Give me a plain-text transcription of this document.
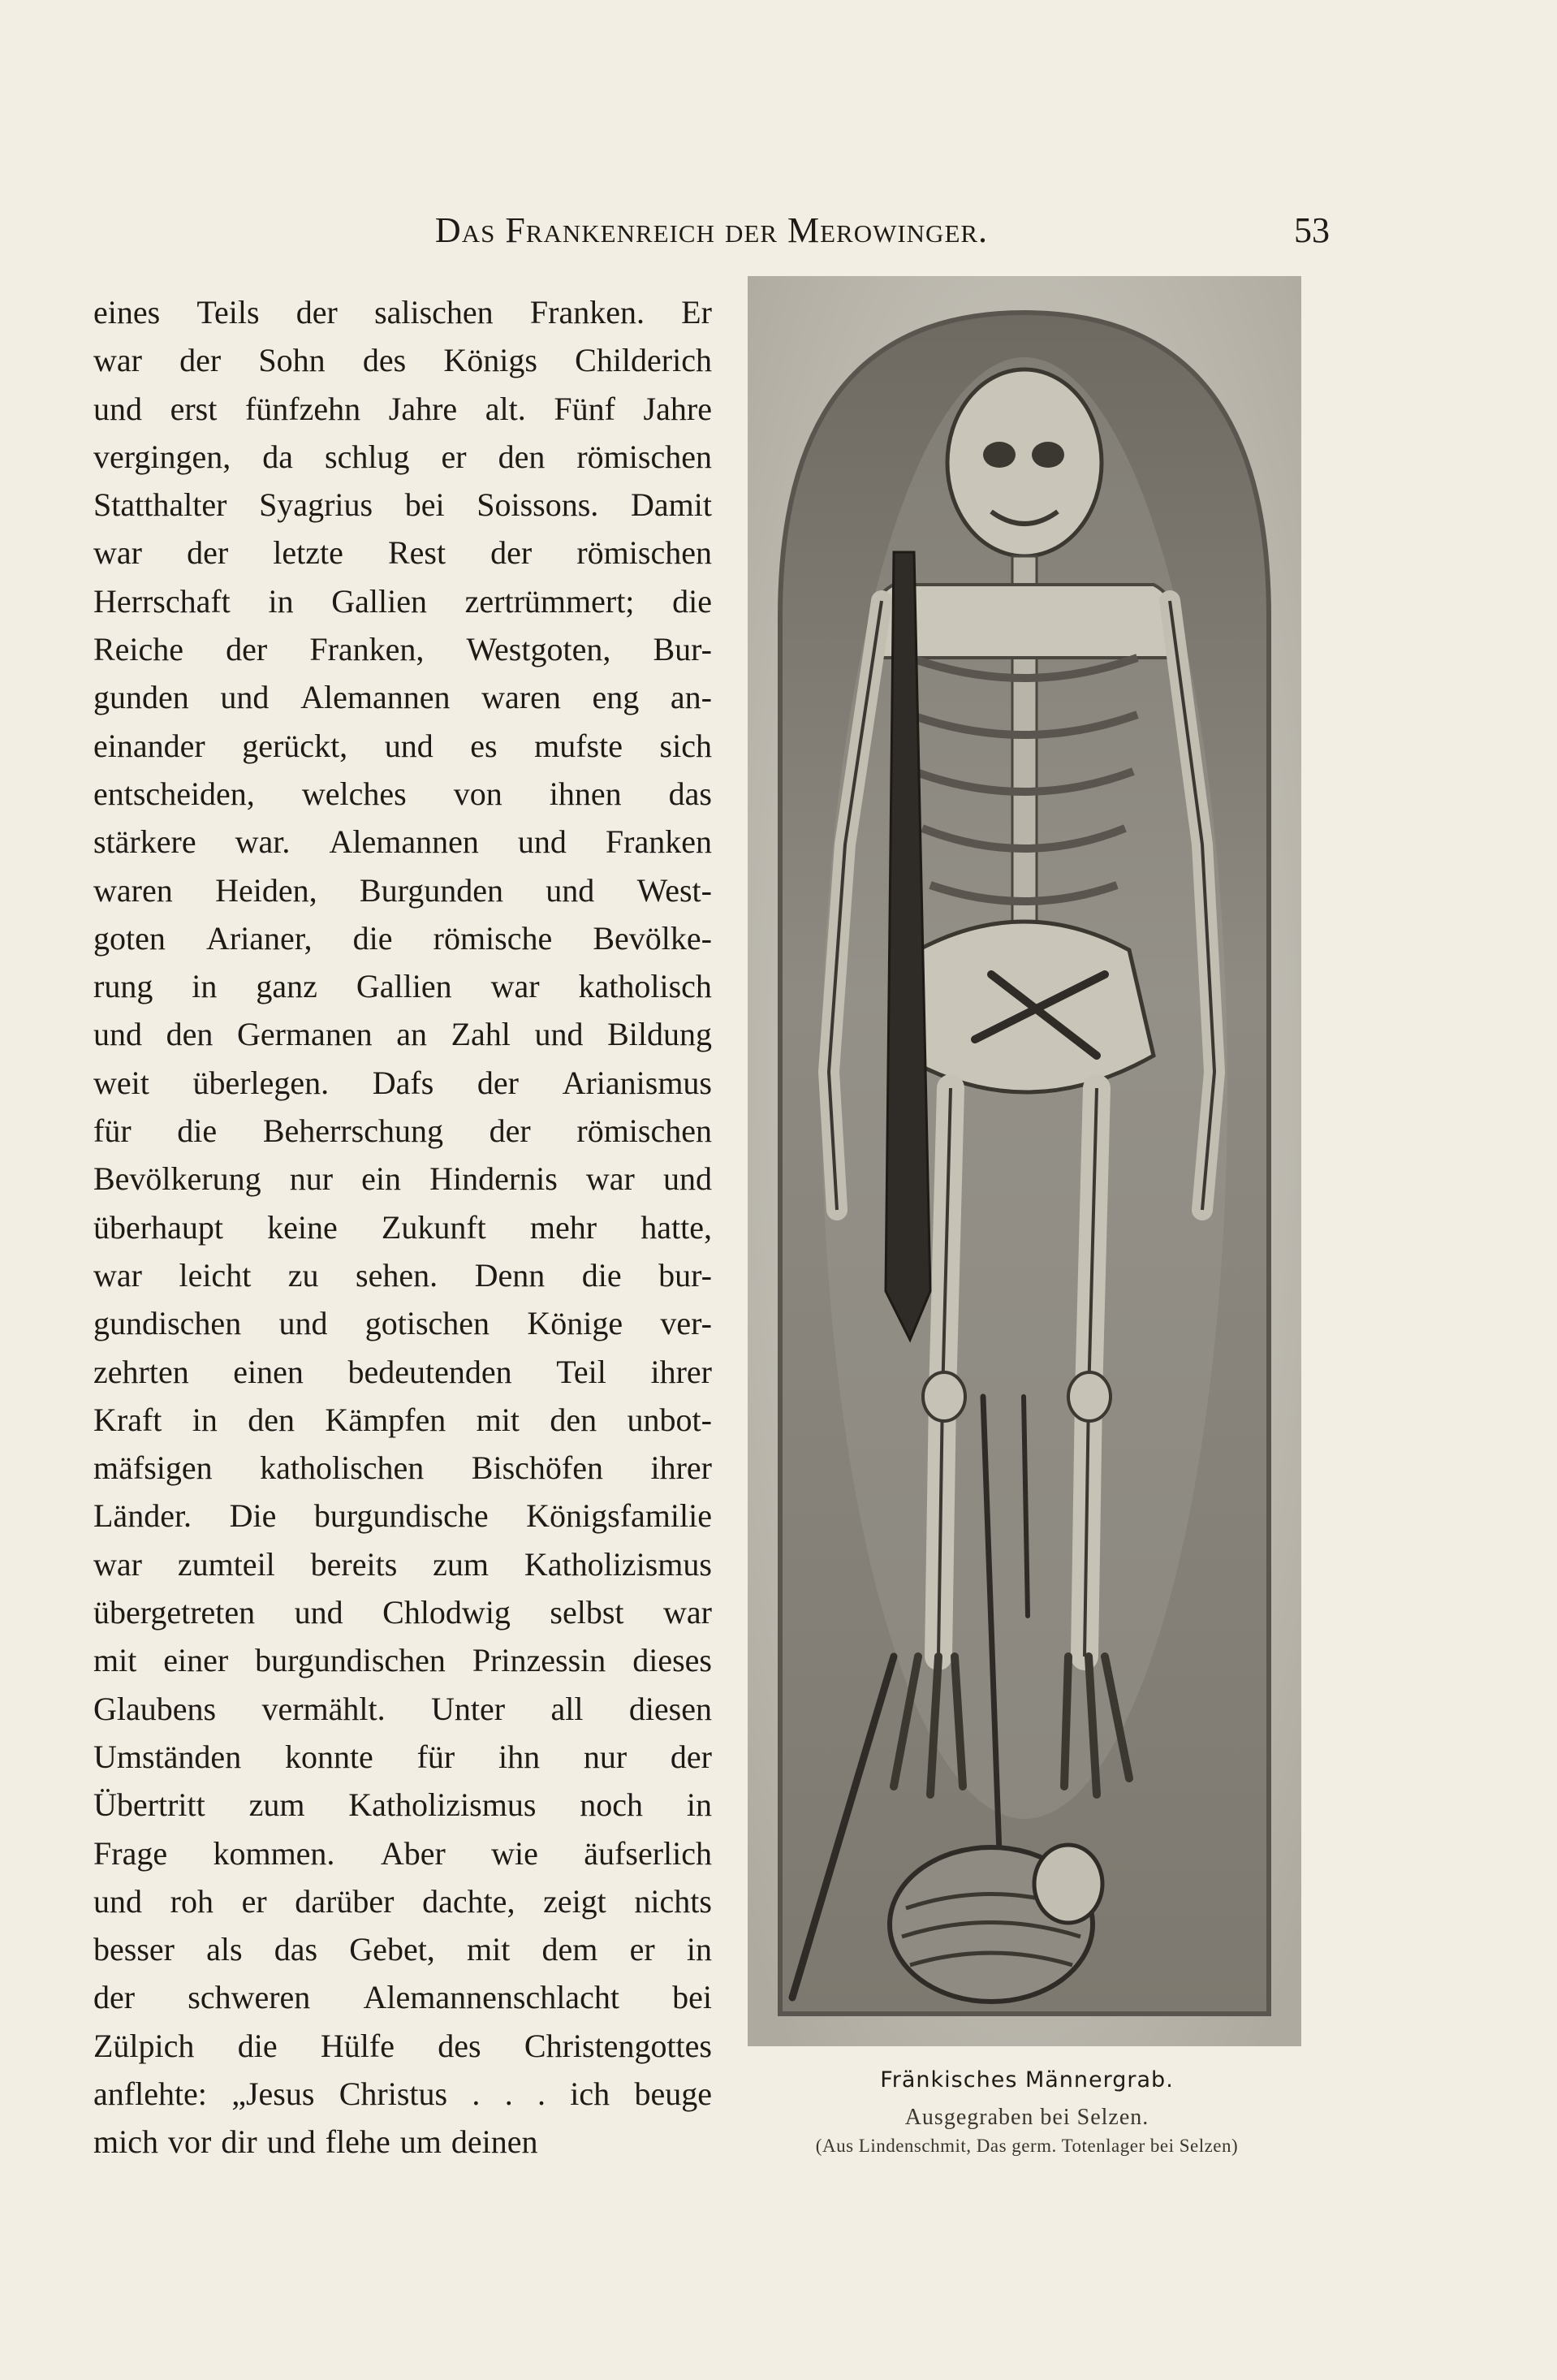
Das Frankenreich der Merowinger.	53
eines Teils der salischen Franken. Er
war der Sohn des Königs Childerich
und erst fünfzehn Jahre alt. Fünf Jahre
vergingen, da schlug er den römischen
Statthalter Syagrius bei Soissons. Damit
war der letzte Rest der römischen
Herrschaft in Gallien zertrümmert; die
Reiche der Franken, Westgoten, Bur-
gunden und Alemannen waren eng an-
einander gerückt, und es mufste sich
entscheiden, welches von ihnen das
stärkere war. Alemannen und Franken
waren Heiden, Burgunden und West-
goten Arianer, die römische Bevölke-
rung in ganz Gallien war katholisch
und den Germanen an Zahl und Bildung
weit überlegen. Dafs der Arianismus
für die Beherrschung der römischen
Bevölkerung nur ein Hindernis war und
überhaupt keine Zukunft mehr hatte,
war leicht zu sehen. Denn die bur-
gundischen und gotischen Könige ver-
zehrten einen bedeutenden Teil ihrer
Kraft in den Kämpfen mit den unbot-
mäfsigen katholischen Bischöfen ihrer
Länder. Die burgundische Königsfamilie
war zumteil bereits zum Katholizismus
übergetreten und Chlodwig selbst war
mit einer burgundischen Prinzessin dieses
Glaubens vermählt. Unter all diesen
Umständen konnte für ihn nur der
Übertritt zum Katholizismus noch in
Frage kommen. Aber wie äufserlich
und roh er darüber dachte, zeigt nichts
besser als das Gebet, mit dem er in
der schweren Alemannenschlacht bei
Zülpich die Hülfe des Christengottes
anflehte: „Jesus Christus . . . ich beuge
mich vor dir und flehe um deinen
Fränkisches Männergrab.
Ausgegraben bei Selzen.
(Aus Lindenschmit, Das germ. Totenlager bei Selzen)
